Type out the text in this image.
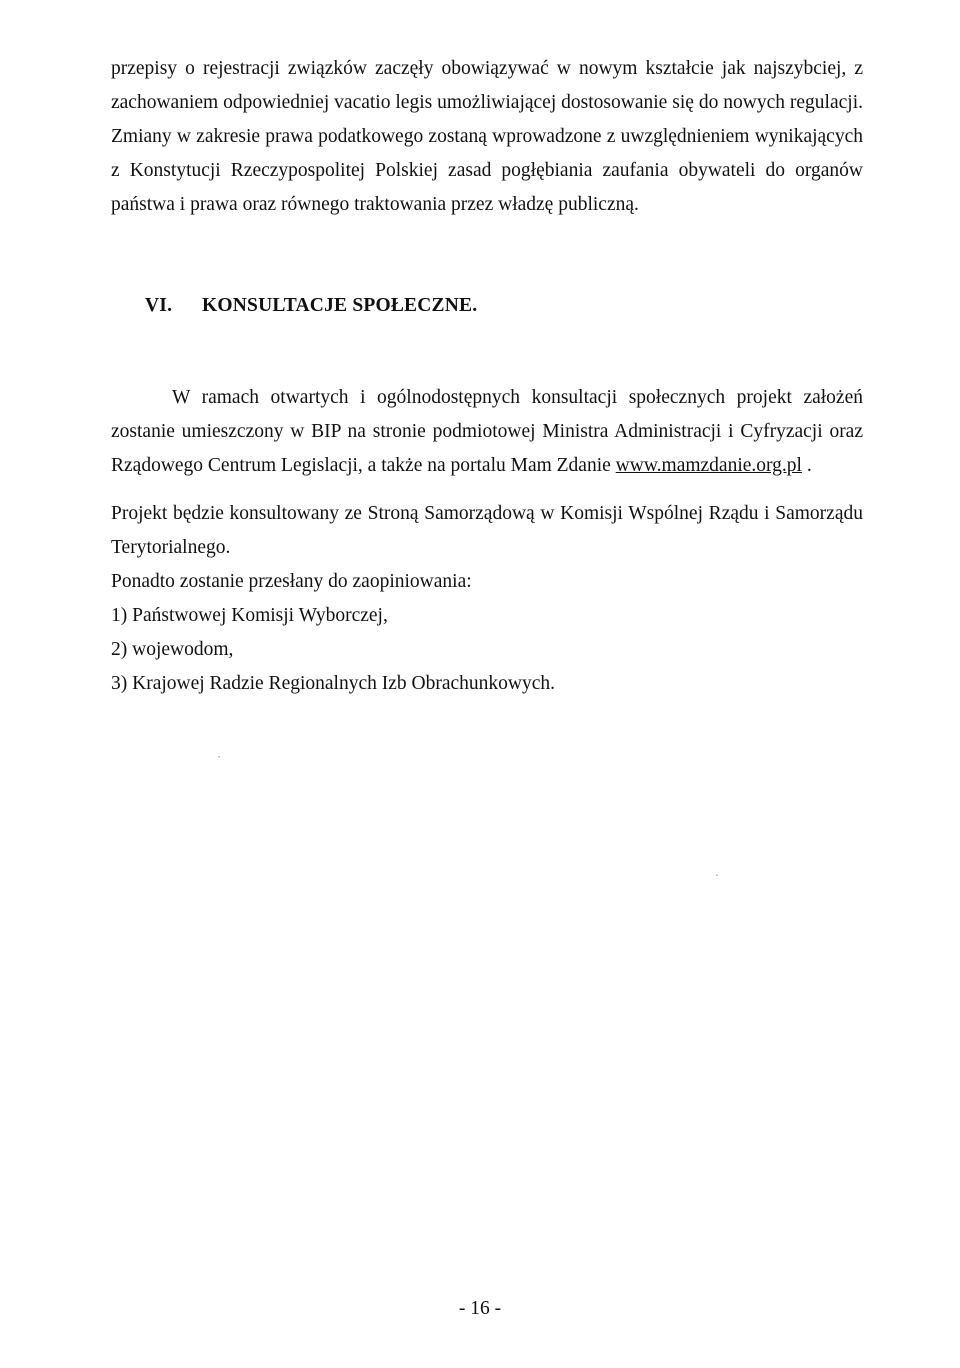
przepisy o rejestracji związków zaczęły obowiązywać w nowym kształcie jak najszybciej, z zachowaniem odpowiedniej vacatio legis umożliwiającej dostosowanie się do nowych regulacji. Zmiany w zakresie prawa podatkowego zostaną wprowadzone z uwzględnieniem wynikających z Konstytucji Rzeczypospolitej Polskiej zasad pogłębiania zaufania obywateli do organów państwa i prawa oraz równego traktowania przez władzę publiczną.

VI. KONSULTACJE SPOŁECZNE.

W ramach otwartych i ogólnodostępnych konsultacji społecznych projekt założeń zostanie umieszczony w BIP na stronie podmiotowej Ministra Administracji i Cyfryzacji oraz Rządowego Centrum Legislacji, a także na portalu Mam Zdanie www.mamzdanie.org.pl .

Projekt będzie konsultowany ze Stroną Samorządową w Komisji Wspólnej Rządu i Samorządu Terytorialnego.

Ponadto zostanie przesłany do zaopiniowania:

1) Państwowej Komisji Wyborczej,

2) wojewodom,

3) Krajowej Radzie Regionalnych Izb Obrachunkowych.

- 16 -
